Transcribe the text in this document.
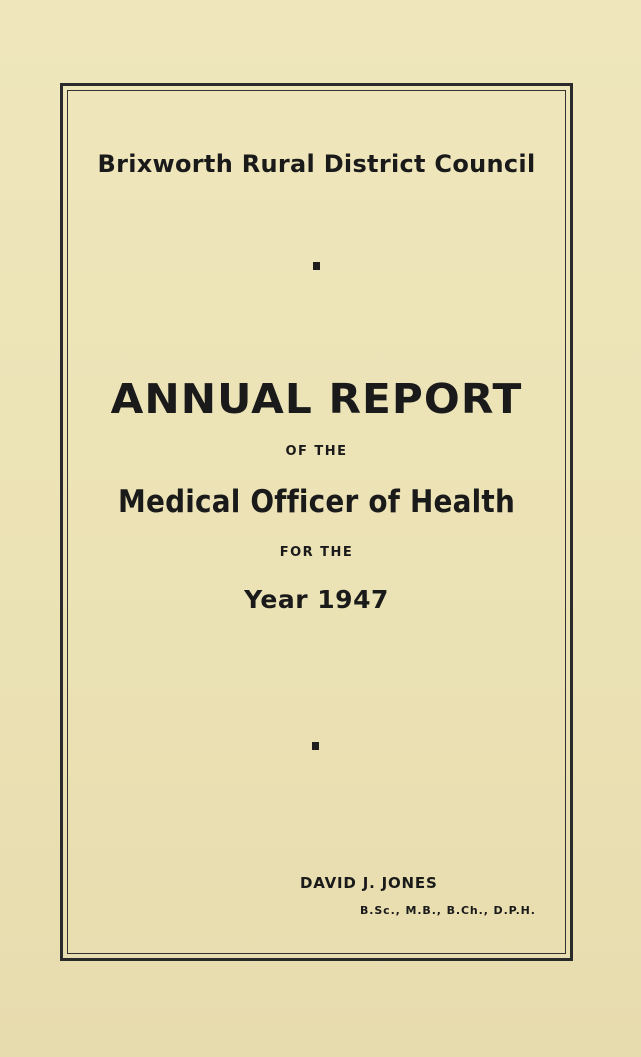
Brixworth Rural District Council
ANNUAL REPORT
OF THE
Medical Officer of Health
FOR THE
Year 1947
DAVID J. JONES
B.Sc., M.B., B.Ch., D.P.H.
